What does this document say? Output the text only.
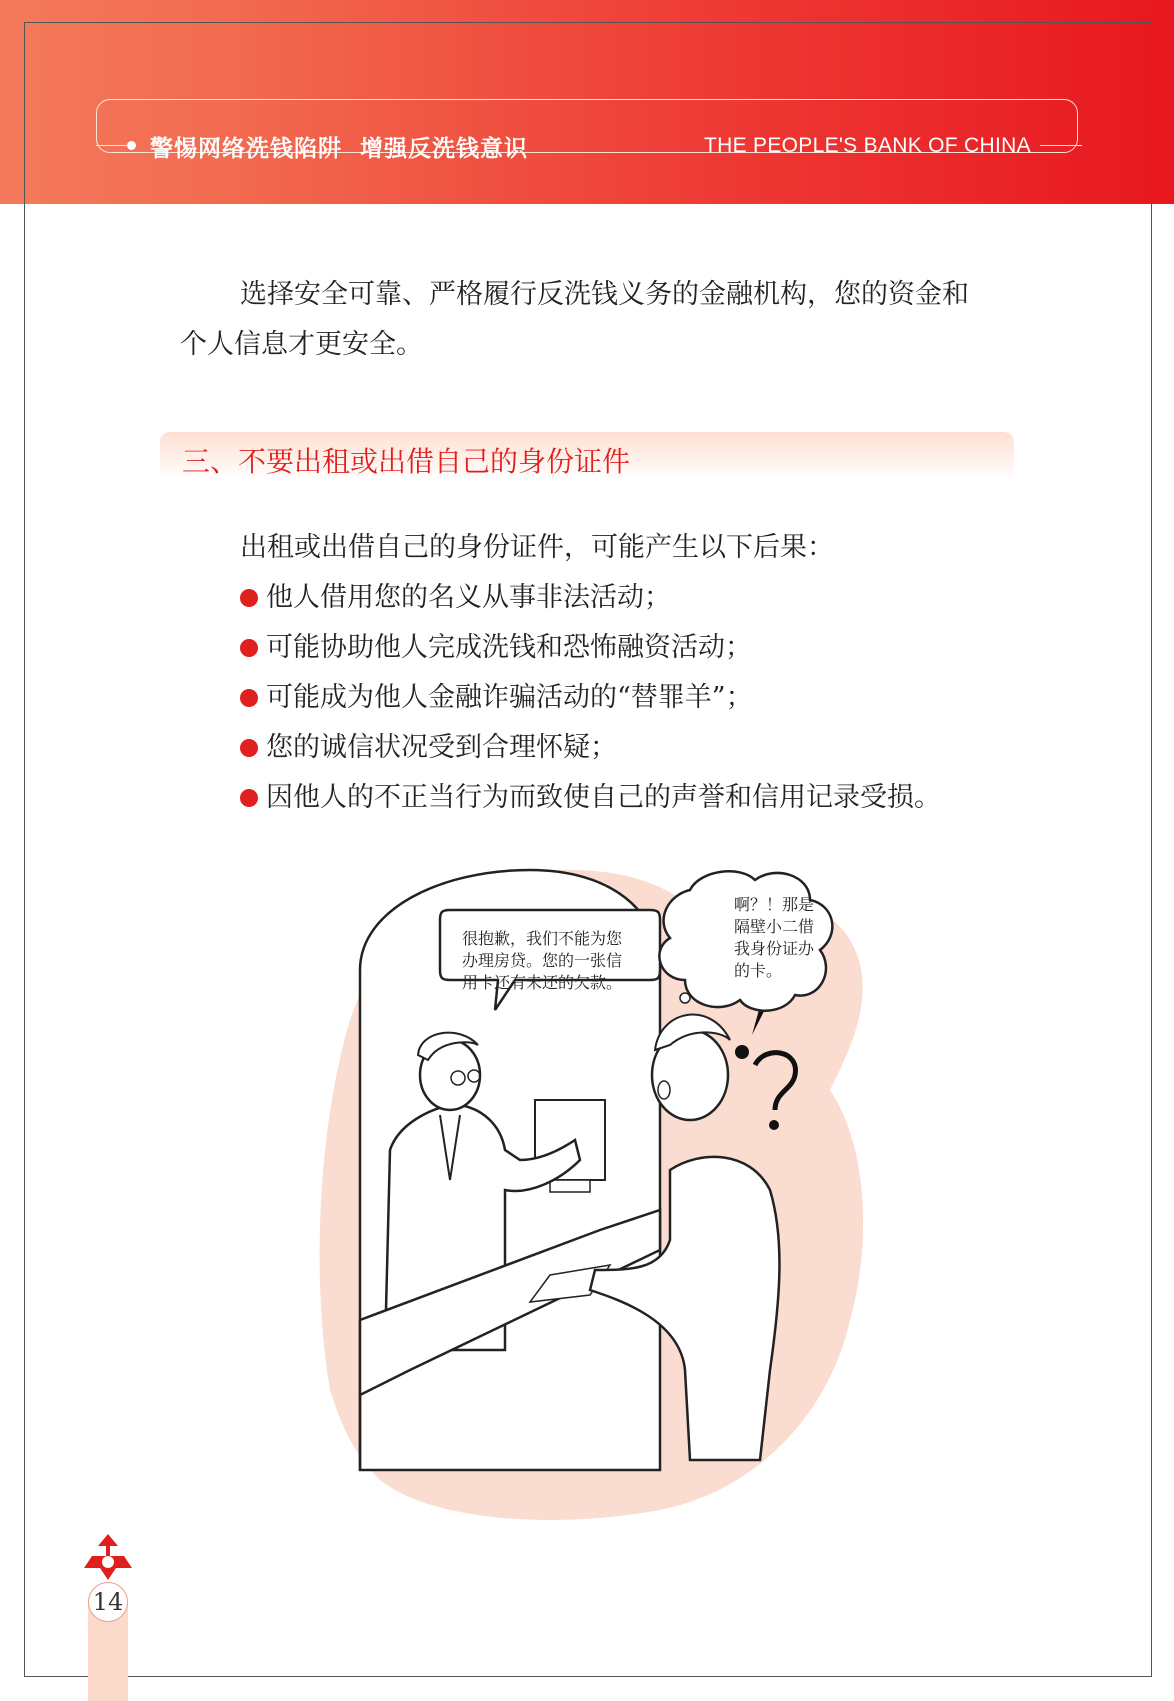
警惕网络洗钱陷阱  增强反洗钱意识	THE PEOPLE'S BANK OF CHINA
选择安全可靠、严格履行反洗钱义务的金融机构，您的资金和
个人信息才更安全。
三、不要出租或出借自己的身份证件
出租或出借自己的身份证件，可能产生以下后果：
他人借用您的名义从事非法活动；
可能协助他人完成洗钱和恐怖融资活动；
可能成为他人金融诈骗活动的“替罪羊”；
您的诚信状况受到合理怀疑；
因他人的不正当行为而致使自己的声誉和信用记录受损。
很抱歉，我们不能为您
办理房贷。您的一张信
用卡还有未还的欠款。
啊？！那是
隔壁小二借
我身份证办
的卡。
14
